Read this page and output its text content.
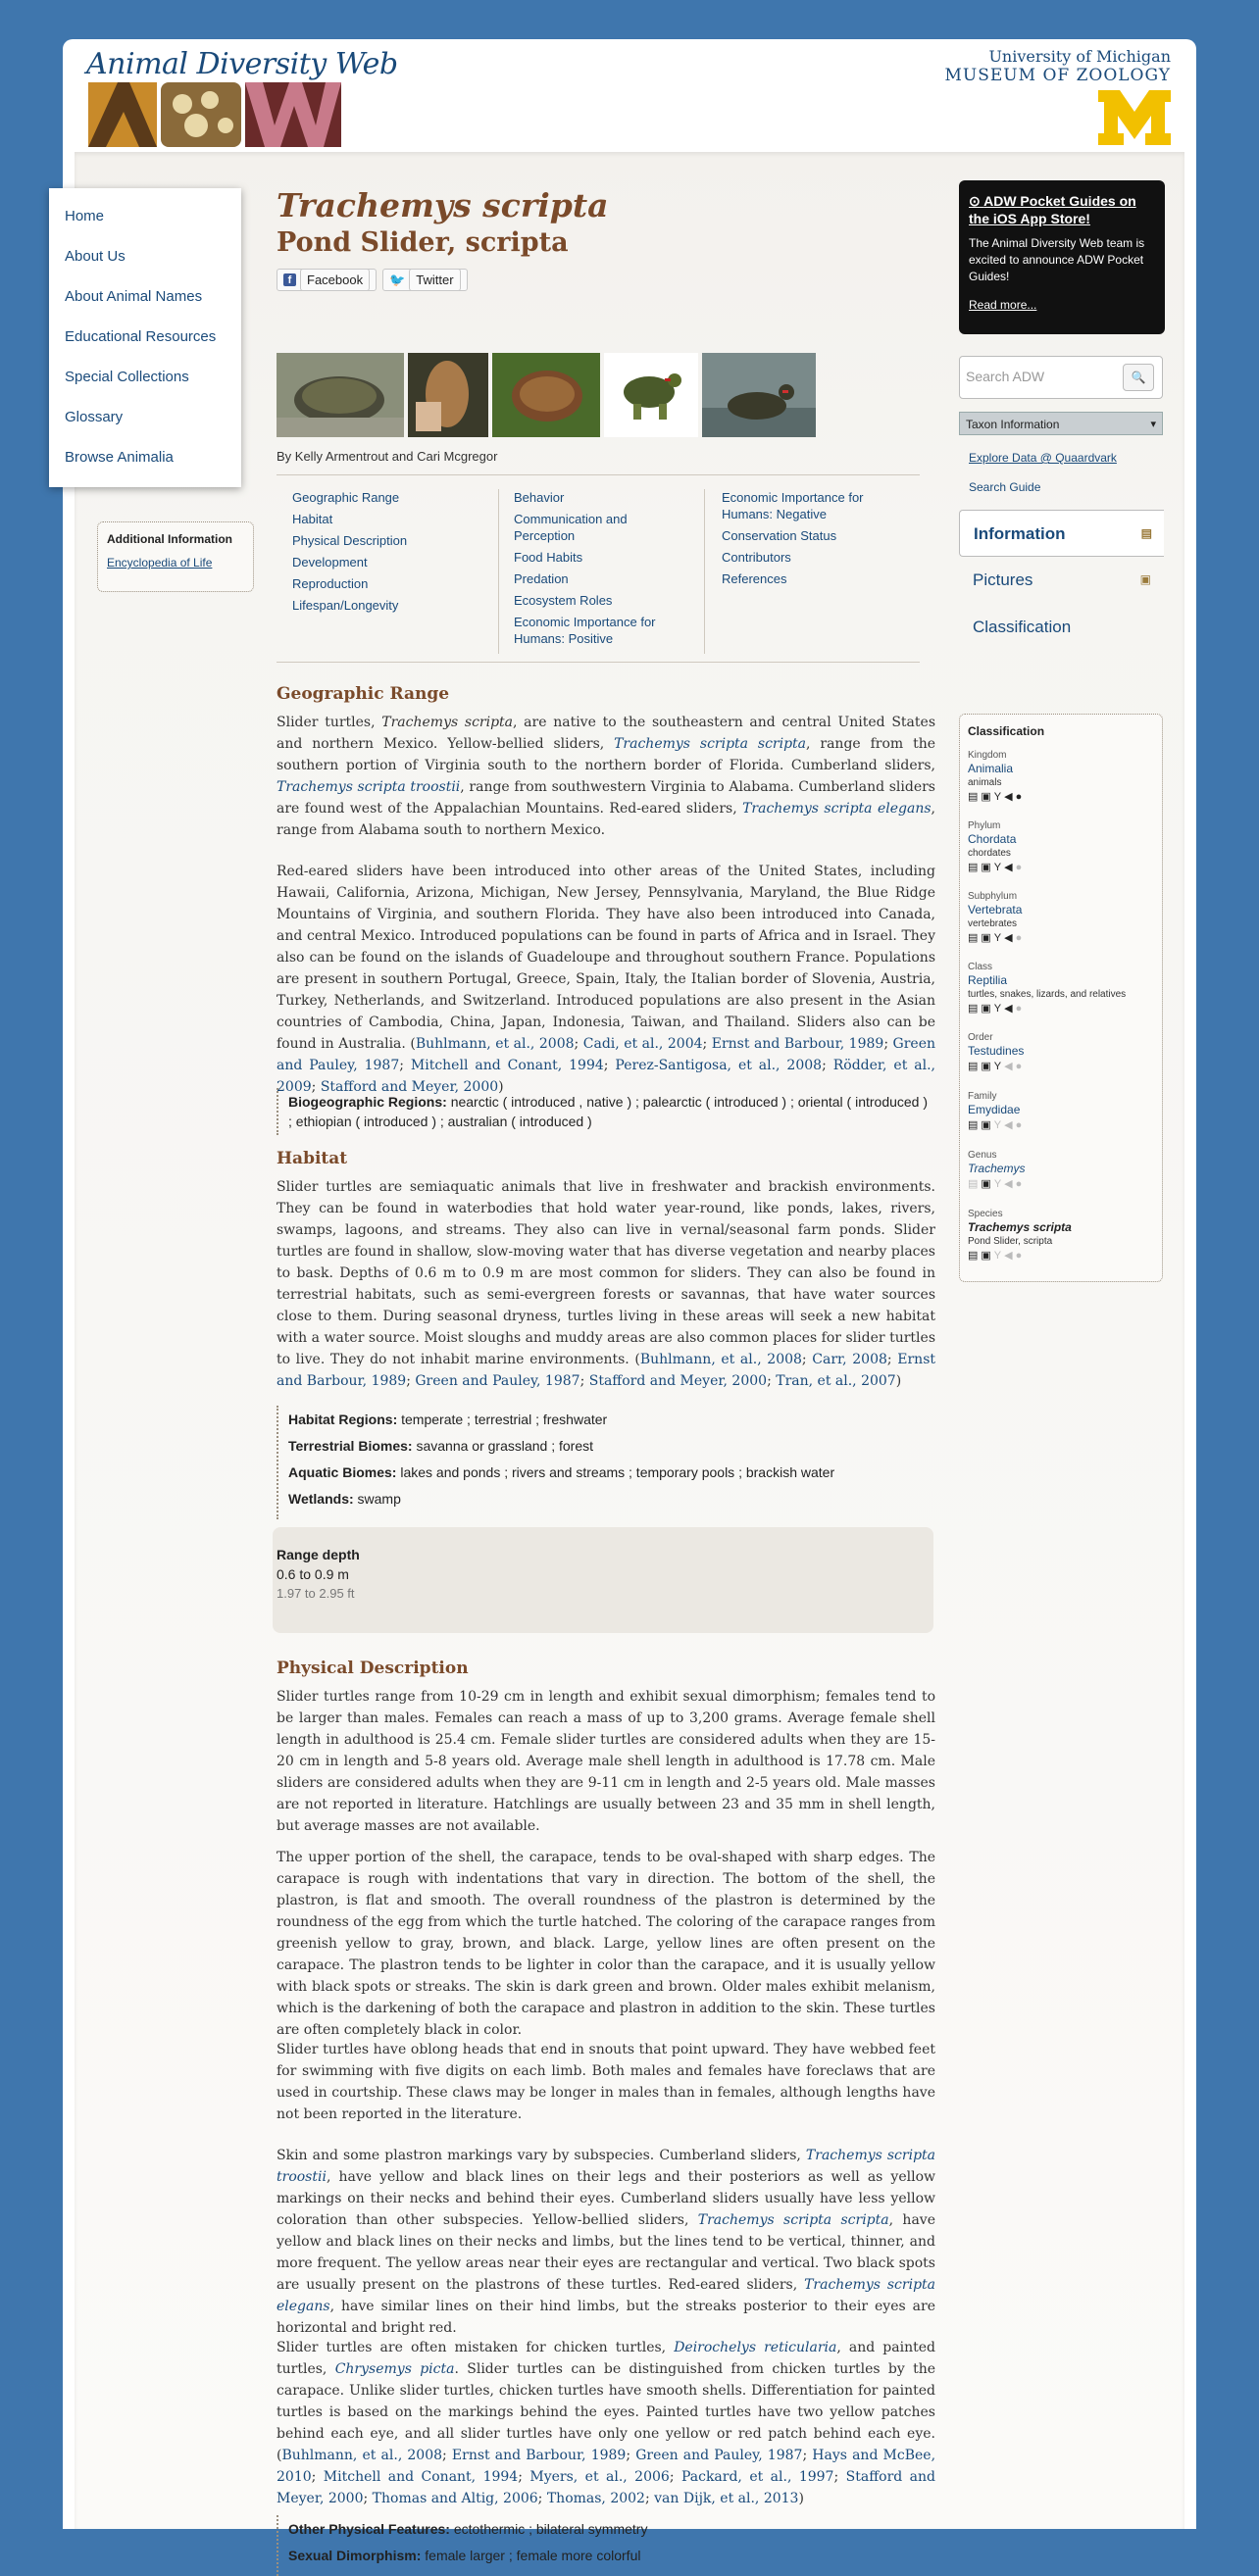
Animal Diversity Web	University of Michigan
MUSEUM OF ZOOLOGY
Home
About Us
About Animal Names
Educational Resources
Special Collections
Glossary
Browse Animalia
Additional Information
Encyclopedia of Life
Trachemys scripta
Pond Slider, scripta
f	Facebook	🐦 Twitter
By Kelly Armentrout and Cari Mcgregor
Geographic Range
Habitat
Physical Description
Development
Reproduction
Lifespan/Longevity
Behavior
Communication and Perception
Food Habits
Predation
Ecosystem Roles
Economic Importance for Humans: Positive
Economic Importance for Humans: Negative
Conservation Status
Contributors
References
Geographic Range

Slider turtles, Trachemys scripta, are native to the southeastern and central United States and northern Mexico. Yellow-bellied sliders, Trachemys scripta scripta, range from the southern portion of Virginia south to the northern border of Florida. Cumberland sliders, Trachemys scripta troostii, range from southwestern Virginia to Alabama. Cumberland sliders are found west of the Appalachian Mountains. Red-eared sliders, Trachemys scripta elegans, range from Alabama south to northern Mexico.

Red-eared sliders have been introduced into other areas of the United States, including Hawaii, California, Arizona, Michigan, New Jersey, Pennsylvania, Maryland, the Blue Ridge Mountains of Virginia, and southern Florida. They have also been introduced into Canada, and central Mexico. Introduced populations can be found in parts of Africa and in Israel. They also can be found on the islands of Guadeloupe and throughout southern France. Populations are present in southern Portugal, Greece, Spain, Italy, the Italian border of Slovenia, Austria, Turkey, Netherlands, and Switzerland. Introduced populations are also present in the Asian countries of Cambodia, China, Japan, Indonesia, Taiwan, and Thailand. Sliders also can be found in Australia. (Buhlmann, et al., 2008; Cadi, et al., 2004; Ernst and Barbour, 1989; Green and Pauley, 1987; Mitchell and Conant, 1994; Perez-Santigosa, et al., 2008; Rödder, et al., 2009; Stafford and Meyer, 2000)

Biogeographic Regions: nearctic ( introduced , native ) ; palearctic ( introduced ) ; oriental ( introduced ) ; ethiopian ( introduced ) ; australian ( introduced )
Habitat

Slider turtles are semiaquatic animals that live in freshwater and brackish environments. They can be found in waterbodies that hold water year-round, like ponds, lakes, rivers, swamps, lagoons, and streams. They also can live in vernal/seasonal farm ponds. Slider turtles are found in shallow, slow-moving water that has diverse vegetation and nearby places to bask. Depths of 0.6 m to 0.9 m are most common for sliders. They can also be found in terrestrial habitats, such as semi-evergreen forests or savannas, that have water sources close to them. During seasonal dryness, turtles living in these areas will seek a new habitat with a water source. Moist sloughs and muddy areas are also common places for slider turtles to live. They do not inhabit marine environments. (Buhlmann, et al., 2008; Carr, 2008; Ernst and Barbour, 1989; Green and Pauley, 1987; Stafford and Meyer, 2000; Tran, et al., 2007)

Habitat Regions: temperate ; terrestrial ; freshwater
Terrestrial Biomes: savanna or grassland ; forest
Aquatic Biomes: lakes and ponds ; rivers and streams ; temporary pools ; brackish water
Wetlands: swamp
Range depth
0.6 to 0.9 m
1.97 to 2.95 ft
Physical Description

Slider turtles range from 10-29 cm in length and exhibit sexual dimorphism; females tend to be larger than males. Females can reach a mass of up to 3,200 grams. Average female shell length in adulthood is 25.4 cm. Female slider turtles are considered adults when they are 15-20 cm in length and 5-8 years old. Average male shell length in adulthood is 17.78 cm. Male sliders are considered adults when they are 9-11 cm in length and 2-5 years old. Male masses are not reported in literature. Hatchlings are usually between 23 and 35 mm in shell length, but average masses are not available.

The upper portion of the shell, the carapace, tends to be oval-shaped with sharp edges. The carapace is rough with indentations that vary in direction. The bottom of the shell, the plastron, is flat and smooth. The overall roundness of the plastron is determined by the roundness of the egg from which the turtle hatched. The coloring of the carapace ranges from greenish yellow to gray, brown, and black. Large, yellow lines are often present on the carapace. The plastron tends to be lighter in color than the carapace, and it is usually yellow with black spots or streaks. The skin is dark green and brown. Older males exhibit melanism, which is the darkening of both the carapace and plastron in addition to the skin. These turtles are often completely black in color.

Slider turtles have oblong heads that end in snouts that point upward. They have webbed feet for swimming with five digits on each limb. Both males and females have foreclaws that are used in courtship. These claws may be longer in males than in females, although lengths have not been reported in the literature.

Skin and some plastron markings vary by subspecies. Cumberland sliders, Trachemys scripta troostii, have yellow and black lines on their legs and their posteriors as well as yellow markings on their necks and behind their eyes. Cumberland sliders usually have less yellow coloration than other subspecies. Yellow-bellied sliders, Trachemys scripta scripta, have yellow and black lines on their necks and limbs, but the lines tend to be vertical, thinner, and more frequent. The yellow areas near their eyes are rectangular and vertical. Two black spots are usually present on the plastrons of these turtles. Red-eared sliders, Trachemys scripta elegans, have similar lines on their hind limbs, but the streaks posterior to their eyes are horizontal and bright red.

Slider turtles are often mistaken for chicken turtles, Deirochelys reticularia, and painted turtles, Chrysemys picta. Slider turtles can be distinguished from chicken turtles by the carapace. Unlike slider turtles, chicken turtles have smooth shells. Differentiation for painted turtles is based on the markings behind the eyes. Painted turtles have two yellow patches behind each eye, and all slider turtles have only one yellow or red patch behind each eye. (Buhlmann, et al., 2008; Ernst and Barbour, 1989; Green and Pauley, 1987; Hays and McBee, 2010; Mitchell and Conant, 1994; Myers, et al., 2006; Packard, et al., 1997; Stafford and Meyer, 2000; Thomas and Altig, 2006; Thomas, 2002; van Dijk, et al., 2013)

Other Physical Features: ectothermic ; bilateral symmetry
Sexual Dimorphism: female larger ; female more colorful
⊙ ADW Pocket Guides on the iOS App Store!
The Animal Diversity Web team is excited to announce ADW Pocket Guides!
Read more...
Search ADW	🔍
Taxon Information	▾
Explore Data @ Quaardvark
Search Guide
Information	▤
Pictures	▣
Classification
Classification
Kingdom
Animalia
animals
▤▣Y◀●
Phylum
Chordata
chordates
▤▣Y◀●
Subphylum
Vertebrata
vertebrates
▤▣Y◀●
Class
Reptilia
turtles, snakes, lizards, and relatives
▤▣Y◀●
Order
Testudines
▤▣Y◀●
Family
Emydidae
▤▣Y◀●
Genus
Trachemys
▤▣Y◀●
Species
Trachemys scripta
Pond Slider, scripta
▤▣Y◀●
